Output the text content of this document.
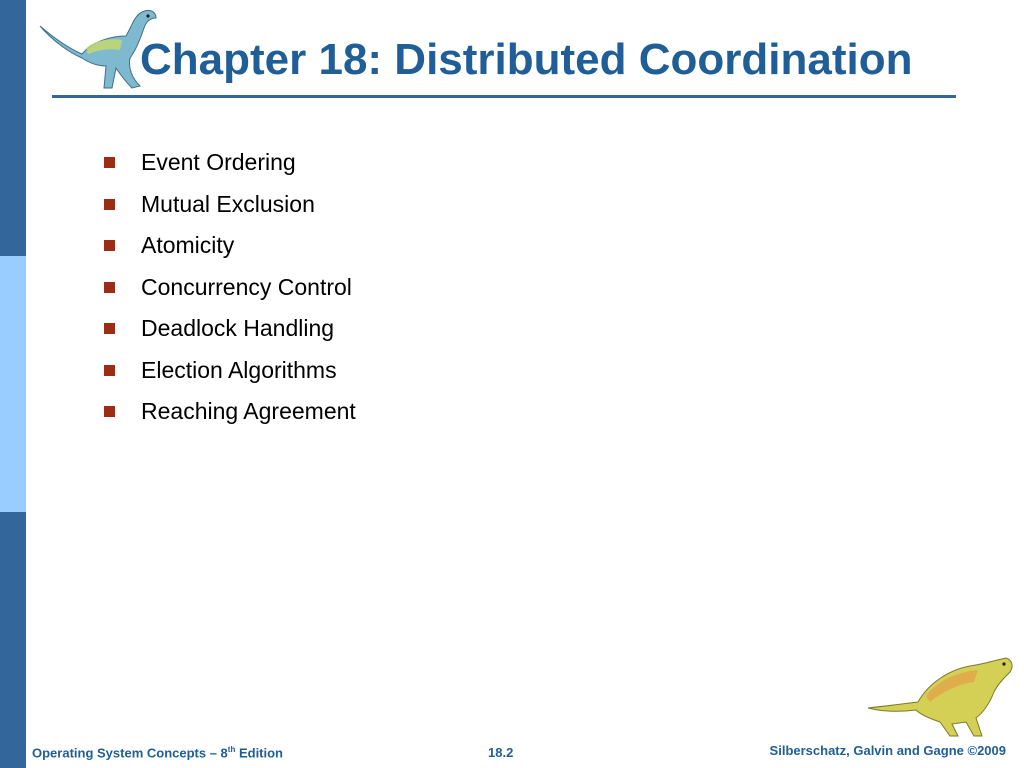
Chapter 18: Distributed Coordination
Event Ordering
Mutual Exclusion
Atomicity
Concurrency Control
Deadlock Handling
Election Algorithms
Reaching Agreement
Operating System Concepts – 8th Edition	18.2	Silberschatz, Galvin and Gagne ©2009
